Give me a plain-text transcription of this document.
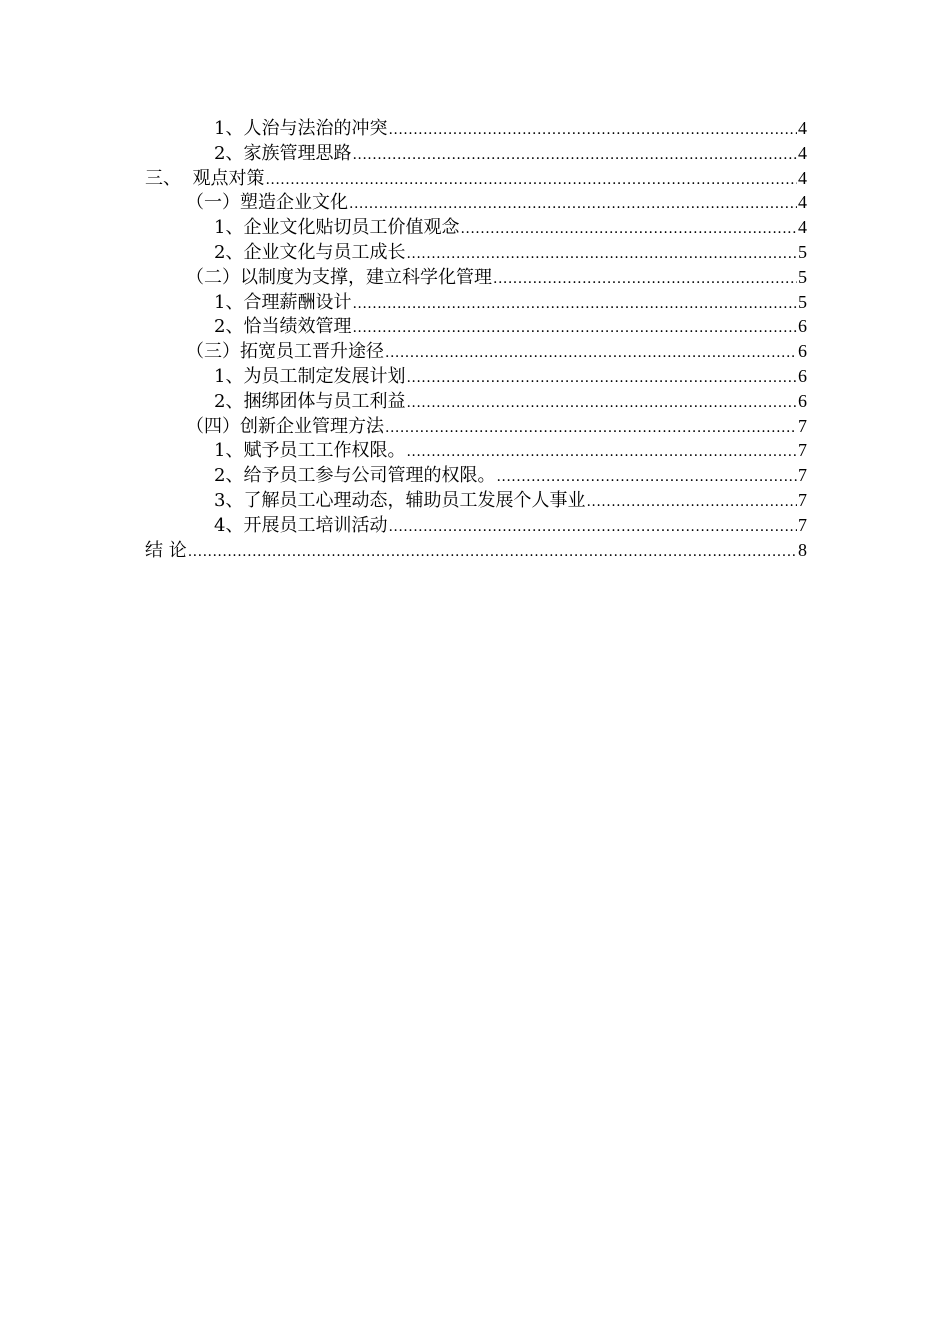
1、人治与法治的冲突 .....	4
2、家族管理思路 .....	4
三、  观点对策 .....	4
（一）塑造企业文化 .....	4
1、企业文化贴切员工价值观念 .....	4
2、企业文化与员工成长 .....	5
（二）以制度为支撑，建立科学化管理 .....	5
1、合理薪酬设计 .....	5
2、恰当绩效管理 .....	6
（三）拓宽员工晋升途径 .....	6
1、为员工制定发展计划 .....	6
2、捆绑团体与员工利益 .....	6
（四）创新企业管理方法 .....	7
1、赋予员工工作权限。 .....	7
2、给予员工参与公司管理的权限。 .....	7
3、了解员工心理动态，辅助员工发展个人事业 .....	7
4、开展员工培训活动 .....	7
结 论 .....	8
